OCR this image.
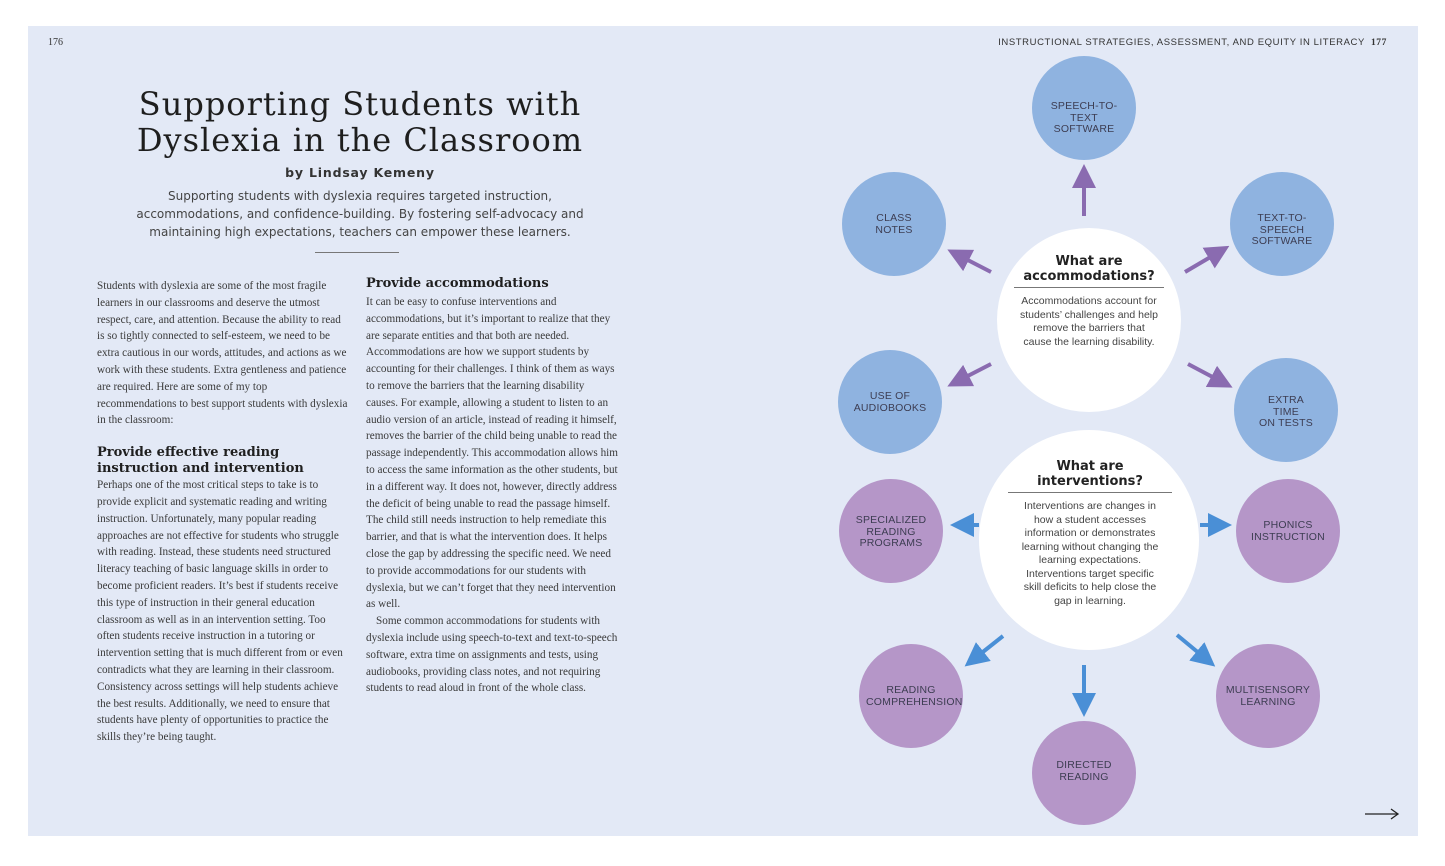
176	INSTRUCTIONAL STRATEGIES, ASSESSMENT, AND EQUITY IN LITERACY 177
Supporting Students with
Dyslexia in the Classroom
by Lindsay Kemeny
Supporting students with dyslexia requires targeted instruction, accommodations, and confidence-building. By fostering self-advocacy and maintaining high expectations, teachers can empower these learners.

Students with dyslexia are some of the most fragile learners in our classrooms and deserve the utmost respect, care, and attention. Because the ability to read is so tightly connected to self-esteem, we need to be extra cautious in our words, attitudes, and actions as we work with these students. Extra gentleness and patience are required. Here are some of my top recommendations to best support students with dyslexia in the classroom:

Provide effective reading instruction and intervention

Perhaps one of the most critical steps to take is to provide explicit and systematic reading and writing instruction. Unfortunately, many popular reading approaches are not effective for students who struggle with reading. Instead, these students need structured literacy teaching of basic language skills in order to become proficient readers. It’s best if students receive this type of instruction in their general education classroom as well as in an intervention setting. Too often students receive instruction in a tutoring or intervention setting that is much different from or even contradicts what they are learning in their classroom. Consistency across settings will help students achieve the best results. Additionally, we need to ensure that students have plenty of opportunities to practice the skills they’re being taught.

Provide accommodations

It can be easy to confuse interventions and accommodations, but it’s important to realize that they are separate entities and that both are needed. Accommodations are how we support students by accounting for their challenges. I think of them as ways to remove the barriers that the learning disability causes. For example, allowing a student to listen to an audio version of an article, instead of reading it himself, removes the barrier of the child being unable to read the passage independently. This accommodation allows him to access the same information as the other students, but in a different way. It does not, however, directly address the deficit of being unable to read the passage himself. The child still needs instruction to help remediate this barrier, and that is what the intervention does. It helps close the gap by addressing the specific need. We need to provide accommodations for our students with dyslexia, but we can’t forget that they need intervention as well.

Some common accommodations for students with dyslexia include using speech-to-text and text-to-speech software, extra time on assignments and tests, using audiobooks, providing class notes, and not requiring students to read aloud in front of the whole class.

SPEECH-TO-TEXT
SOFTWARE
TEXT-TO-SPEECH
SOFTWARE
EXTRA
TIME
ON TESTS
USE OF
AUDIOBOOKS
CLASS
NOTES
PHONICS
INSTRUCTION
MULTISENSORY
LEARNING
DIRECTED
READING
READING
COMPREHENSION
SPECIALIZED
READING
PROGRAMS
What are accommodations?
Accommodations account for students’ challenges and help remove the barriers that cause the learning disability.
What are interventions?
Interventions are changes in how a student accesses information or demonstrates learning without changing the learning expectations. Interventions target specific skill deficits to help close the gap in learning.
